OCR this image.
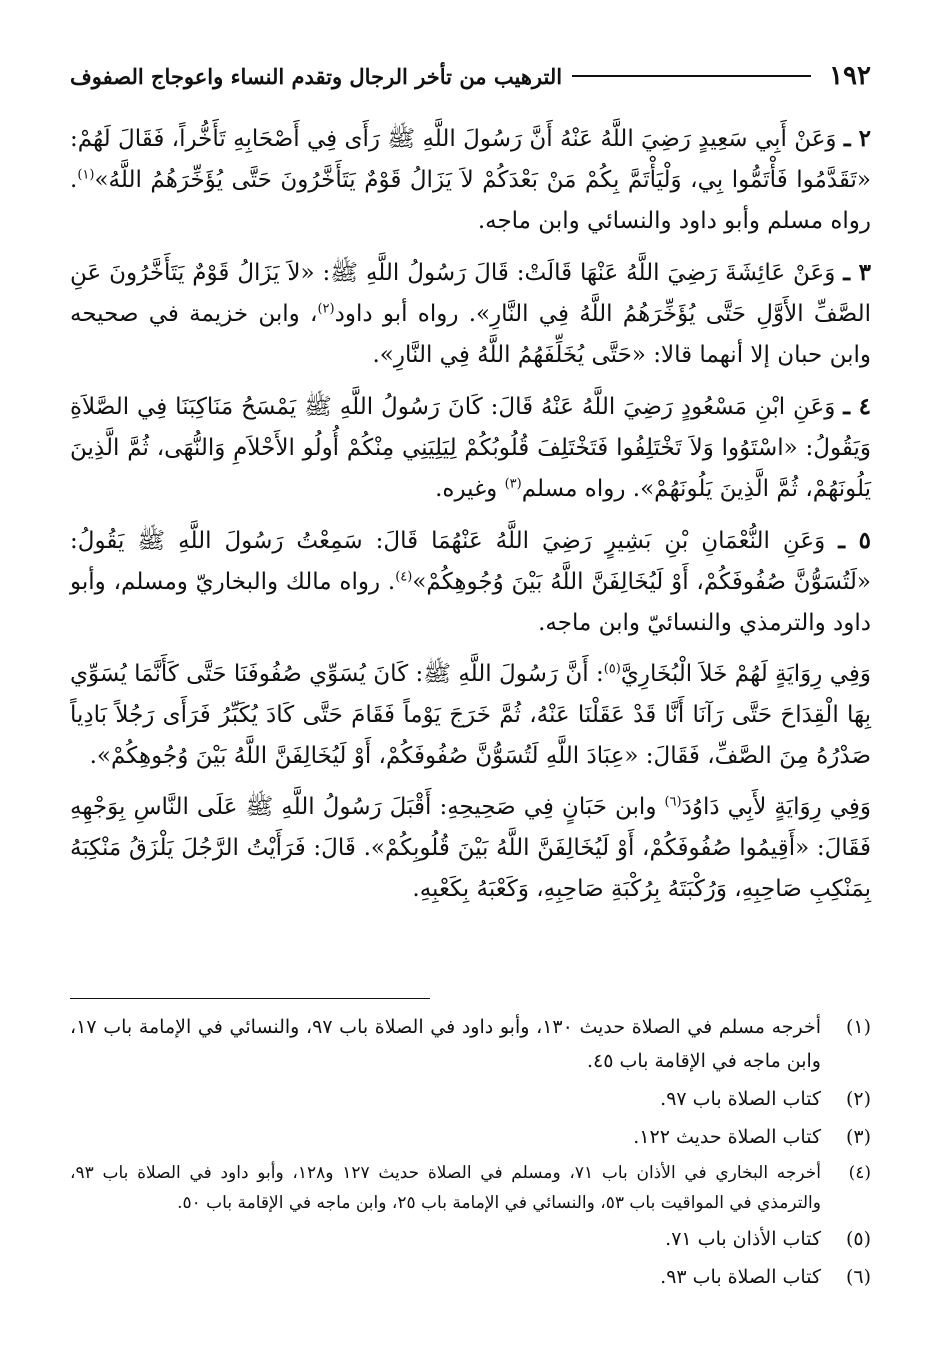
١٩٢
الترهيب من تأخر الرجال وتقدم النساء واعوجاج الصفوف

٢ ـ وَعَنْ أَبِي سَعِيدٍ رَضِيَ اللَّهُ عَنْهُ أَنَّ رَسُولَ اللَّهِ ﷺ رَأَى فِي أَصْحَابِهِ تَأَخُّراً، فَقَالَ لَهُمْ: «تَقَدَّمُوا فَأْتَمُّوا بِي، وَلْيَأْتَمَّ بِكُمْ مَنْ بَعْدَكُمْ لاَ يَزَالُ قَوْمٌ يَتَأَخَّرُونَ حَتَّى يُؤَخِّرَهُمُ اللَّهُ»$^{(١)}$. رواه مسلم وأبو داود والنسائي وابن ماجه.

٣ ـ وَعَنْ عَائِشَةَ رَضِيَ اللَّهُ عَنْهَا قَالَتْ: قَالَ رَسُولُ اللَّهِ ﷺ: «لاَ يَزَالُ قَوْمٌ يَتَأَخَّرُونَ عَنِ الصَّفِّ الأَوَّلِ حَتَّى يُؤَخِّرَهُمُ اللَّهُ فِي النَّارِ». رواه أبو داود$^{(٢)}$، وابن خزيمة في صحيحه وابن حبان إلا أنهما قالا: «حَتَّى يُخَلِّفَهُمُ اللَّهُ فِي النَّارِ».

٤ ـ وَعَنِ ابْنِ مَسْعُودٍ رَضِيَ اللَّهُ عَنْهُ قَالَ: كَانَ رَسُولُ اللَّهِ ﷺ يَمْسَحُ مَنَاكِبَنَا فِي الصَّلاَةِ وَيَقُولُ: «اسْتَوُوا وَلاَ تَخْتَلِفُوا فَتَخْتَلِفَ قُلُوبُكُمْ لِيَلِيَنِي مِنْكُمْ أُولُو الأَحْلاَمِ وَالنُّهَى، ثُمَّ الَّذِينَ يَلُونَهُمْ، ثُمَّ الَّذِينَ يَلُونَهُمْ». رواه مسلم$^{(٣)}$ وغيره.

٥ ـ وَعَنِ النُّعْمَانِ بْنِ بَشِيرٍ رَضِيَ اللَّهُ عَنْهُمَا قَالَ: سَمِعْتُ رَسُولَ اللَّهِ ﷺ يَقُولُ: «لَتُسَوُّنَّ صُفُوفَكُمْ، أَوْ لَيُخَالِفَنَّ اللَّهُ بَيْنَ وُجُوهِكُمْ»$^{(٤)}$. رواه مالك والبخاريّ ومسلم، وأبو داود والترمذي والنسائيّ وابن ماجه.

وَفِي رِوَايَةٍ لَهُمْ خَلاَ الْبُخَارِيَّ$^{(٥)}$: أَنَّ رَسُولَ اللَّهِ ﷺ: كَانَ يُسَوِّي صُفُوفَنَا حَتَّى كَأَنَّمَا يُسَوِّي بِهَا الْقِدَاحَ حَتَّى رَآنَا أَنَّا قَدْ عَقَلْنَا عَنْهُ، ثُمَّ خَرَجَ يَوْماً فَقَامَ حَتَّى كَادَ يُكَبِّرُ فَرَأَى رَجُلاً بَادِياً صَدْرُهُ مِنَ الصَّفِّ، فَقَالَ: «عِبَادَ اللَّهِ لَتُسَوُّنَّ صُفُوفَكُمْ، أَوْ لَيُخَالِفَنَّ اللَّهُ بَيْنَ وُجُوهِكُمْ».

وَفِي رِوَايَةٍ لأَبِي دَاوُدَ$^{(٦)}$ وابن حَبَانٍ فِي صَحِيحِهِ: أَقْبَلَ رَسُولُ اللَّهِ ﷺ عَلَى النَّاسِ بِوَجْهِهِ فَقَالَ: «أَقِيمُوا صُفُوفَكُمْ، أَوْ لَيُخَالِفَنَّ اللَّهُ بَيْنَ قُلُوبِكُمْ». قَالَ: فَرَأَيْتُ الرَّجُلَ يَلْزَقُ مَنْكِبَهُ بِمَنْكِبِ صَاحِبِهِ، وَرُكْبَتَهُ بِرُكْبَةِ صَاحِبِهِ، وَكَعْبَهُ بِكَعْبِهِ.

(١)
أخرجه مسلم في الصلاة حديث ١٣٠، وأبو داود في الصلاة باب ٩٧، والنسائي في الإمامة باب ١٧، وابن ماجه في الإقامة باب ٤٥.
(٢)
كتاب الصلاة باب ٩٧.
(٣)
كتاب الصلاة حديث ١٢٢.
(٤)
أخرجه البخاري في الأذان باب ٧١، ومسلم في الصلاة حديث ١٢٧ و١٢٨، وأبو داود في الصلاة باب ٩٣، والترمذي في المواقيت باب ٥٣، والنسائي في الإمامة باب ٢٥، وابن ماجه في الإقامة باب ٥٠.
(٥)
كتاب الأذان باب ٧١.
(٦)
كتاب الصلاة باب ٩٣.
